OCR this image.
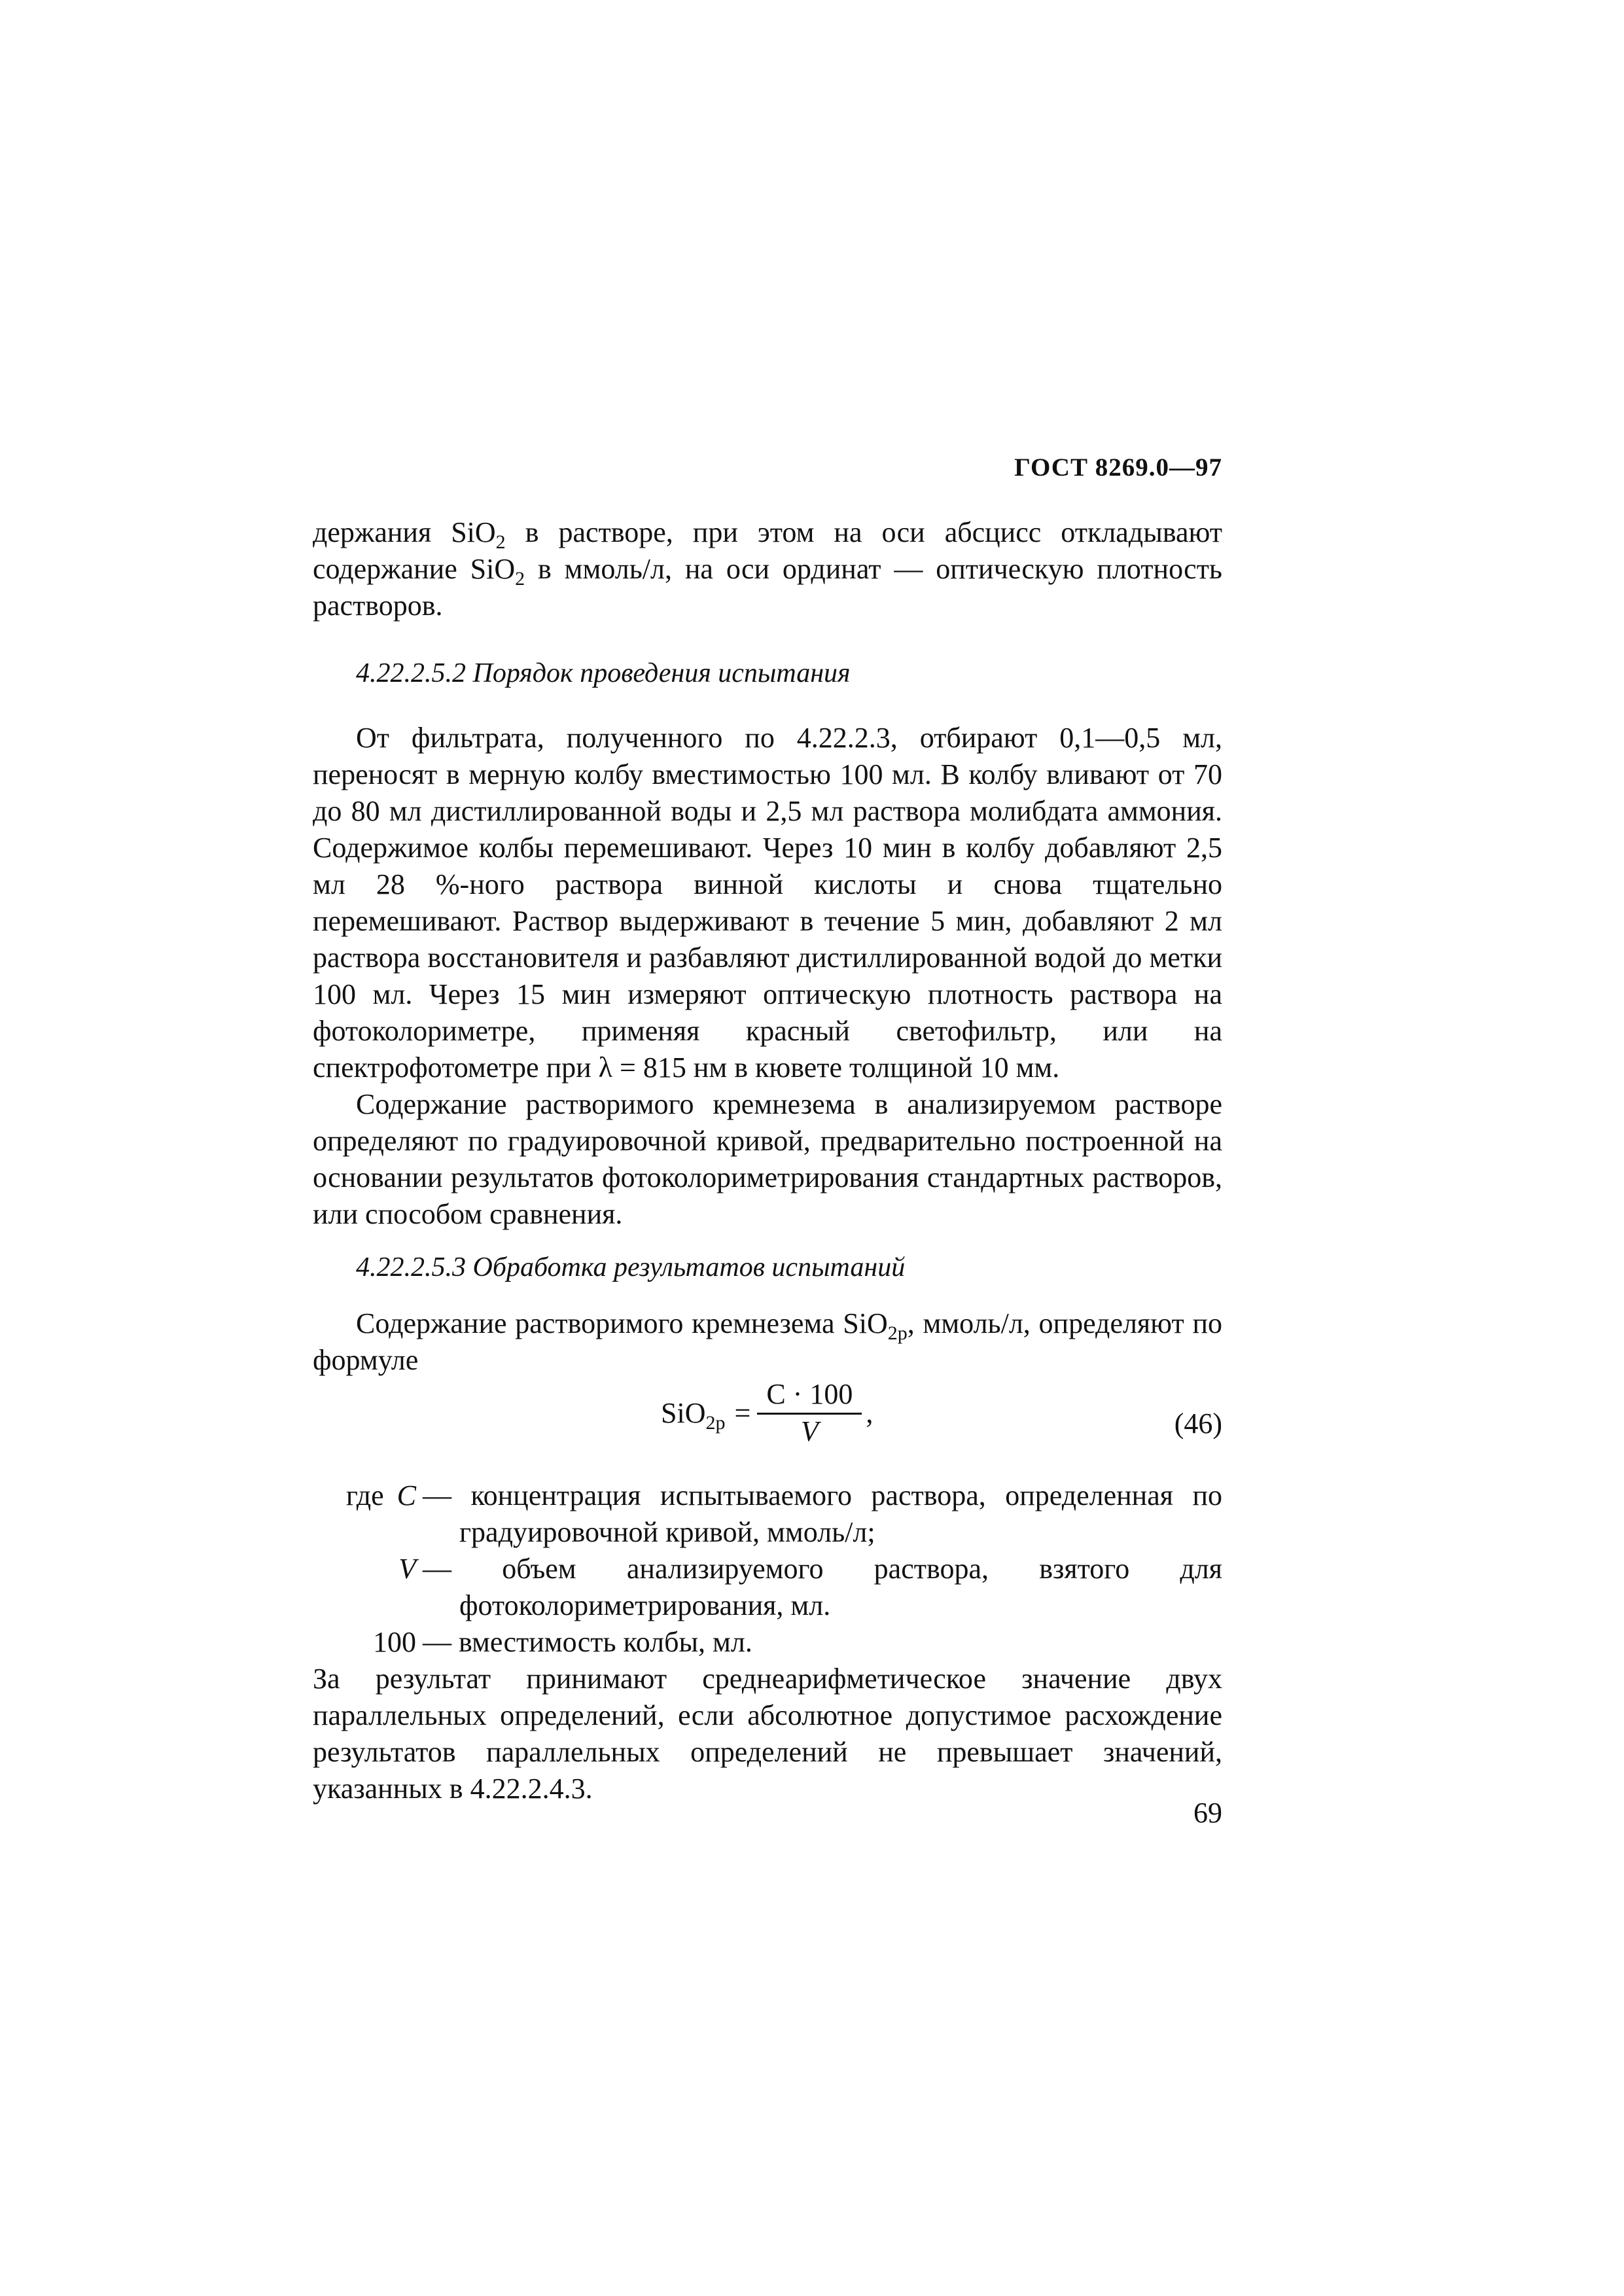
ГОСТ 8269.0—97

держания SiO$_2$ в растворе, при этом на оси абсцисс откладывают содержание SiO$_2$ в ммоль/л, на оси ординат — оптическую плотность растворов.

4.22.2.5.2 Порядок проведения испытания

От фильтрата, полученного по 4.22.2.3, отбирают 0,1—0,5 мл, переносят в мерную колбу вместимостью 100 мл. В колбу вливают от 70 до 80 мл дистиллированной воды и 2,5 мл раствора молибдата аммония. Содержимое колбы перемешивают. Через 10 мин в колбу добавляют 2,5 мл 28 %-ного раствора винной кислоты и снова тщательно перемешивают. Раствор выдерживают в течение 5 мин, добавляют 2 мл раствора восстановителя и разбавляют дистиллированной водой до метки 100 мл. Через 15 мин измеряют оптическую плотность раствора на фотоколориметре, применяя красный светофильтр, или на спектрофотометре при λ = 815 нм в кювете толщиной 10 мм.

Содержание растворимого кремнезема в анализируемом растворе определяют по градуировочной кривой, предварительно построенной на основании результатов фотоколориметрирования стандартных растворов, или способом сравнения.

4.22.2.5.3 Обработка результатов испытаний

Содержание растворимого кремнезема SiO$_{2p}$, ммоль/л, определяют по формуле

$SiO_{2p} = \frac{C \cdot 100}{V}$ ,	(46)
где C — концентрация испытываемого раствора, определенная по градуировочной кривой, ммоль/л;
V — объем анализируемого раствора, взятого для фотоколориметрирования, мл.
100 — вместимость колбы, мл.

За результат принимают среднеарифметическое значение двух параллельных определений, если абсолютное допустимое расхождение результатов параллельных определений не превышает значений, указанных в 4.22.2.4.3.

69
